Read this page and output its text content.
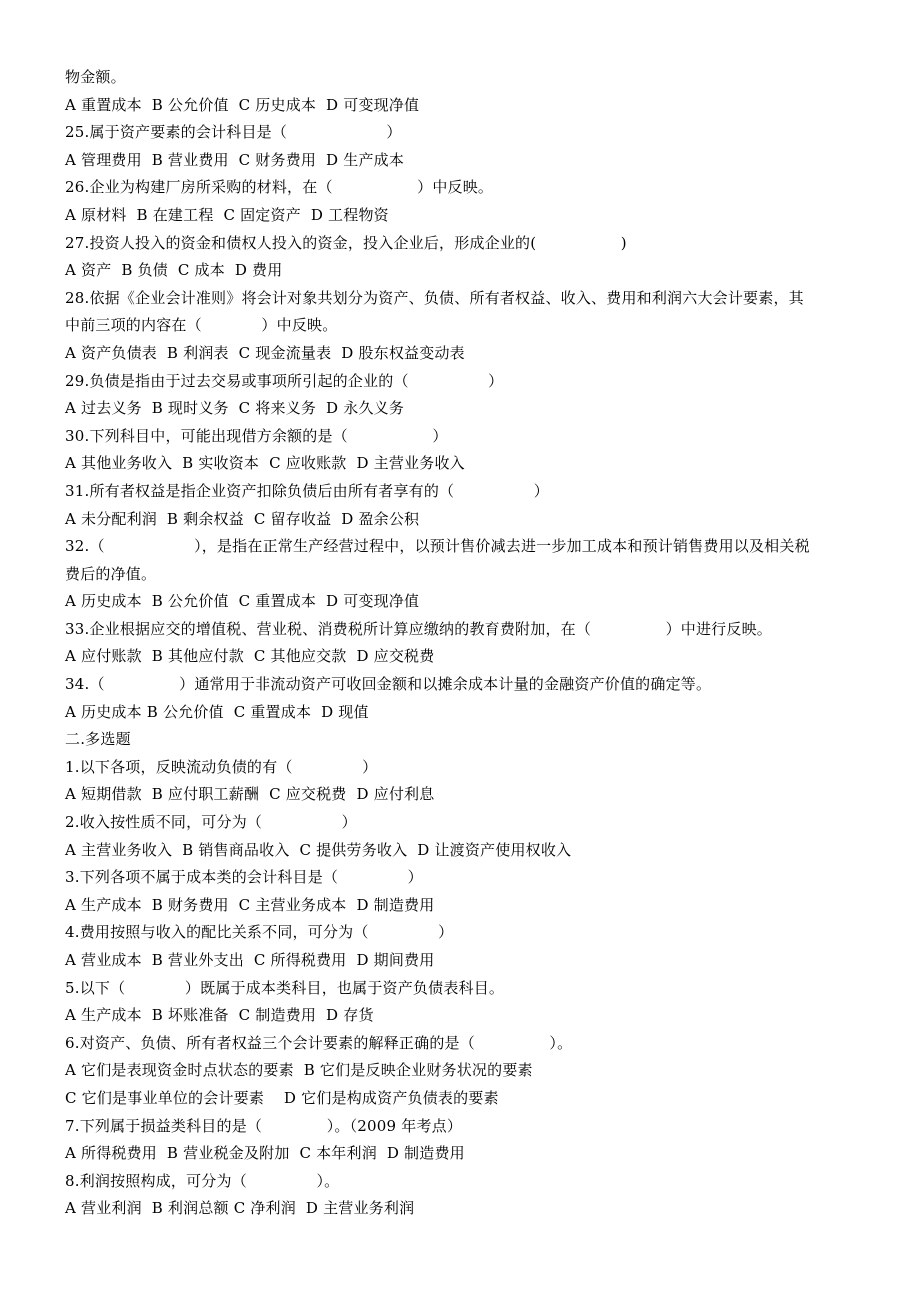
物金额。
A 重置成本  B 公允价值  C 历史成本  D 可变现净值
25.属于资产要素的会计科目是（                    ）
A 管理费用  B 营业费用  C 财务费用  D 生产成本
26.企业为构建厂房所采购的材料，在（                 ）中反映。
A 原材料  B 在建工程  C 固定资产  D 工程物资
27.投资人投入的资金和债权人投入的资金，投入企业后，形成企业的(                 )
A 资产  B 负债  C 成本  D 费用
28.依据《企业会计准则》将会计对象共划分为资产、负债、所有者权益、收入、费用和利润六大会计要素，其
中前三项的内容在（            ）中反映。
A 资产负债表  B 利润表  C 现金流量表  D 股东权益变动表
29.负债是指由于过去交易或事项所引起的企业的（                ）
A 过去义务  B 现时义务  C 将来义务  D 永久义务
30.下列科目中，可能出现借方余额的是（                 ）
A 其他业务收入  B 实收资本  C 应收账款  D 主营业务收入
31.所有者权益是指企业资产扣除负债后由所有者享有的（                ）
A 未分配利润  B 剩余权益  C 留存收益  D 盈余公积
32.（                  ），是指在正常生产经营过程中，以预计售价减去进一步加工成本和预计销售费用以及相关税
费后的净值。
A 历史成本  B 公允价值  C 重置成本  D 可变现净值
33.企业根据应交的增值税、营业税、消费税所计算应缴纳的教育费附加，在（               ）中进行反映。
A 应付账款  B 其他应付款  C 其他应交款  D 应交税费
34.（               ）通常用于非流动资产可收回金额和以摊余成本计量的金融资产价值的确定等。
A 历史成本 B 公允价值  C 重置成本  D 现值
二.多选题
1.以下各项，反映流动负债的有（              ）
A 短期借款  B 应付职工薪酬  C 应交税费  D 应付利息
2.收入按性质不同，可分为（                ）
A 主营业务收入  B 销售商品收入  C 提供劳务收入  D 让渡资产使用权收入
3.下列各项不属于成本类的会计科目是（              ）
A 生产成本  B 财务费用  C 主营业务成本  D 制造费用
4.费用按照与收入的配比关系不同，可分为（              ）
A 营业成本  B 营业外支出  C 所得税费用  D 期间费用
5.以下（            ）既属于成本类科目，也属于资产负债表科目。
A 生产成本  B 坏账准备  C 制造费用  D 存货
6.对资产、负债、所有者权益三个会计要素的解释正确的是（               ）。
A 它们是表现资金时点状态的要素  B 它们是反映企业财务状况的要素
C 它们是事业单位的会计要素    D 它们是构成资产负债表的要素
7.下列属于损益类科目的是（             ）。（2009 年考点）
A 所得税费用  B 营业税金及附加  C 本年利润  D 制造费用
8.利润按照构成，可分为（              ）。
A 营业利润  B 利润总额 C 净利润  D 主营业务利润
